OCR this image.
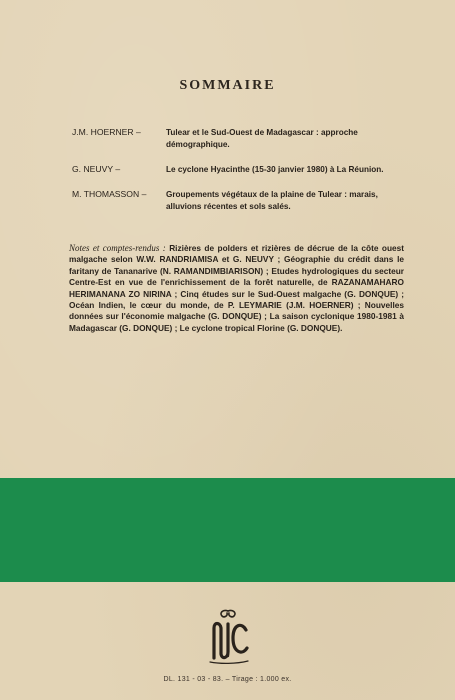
SOMMAIRE
J.M. HOERNER –	Tulear et le Sud-Ouest de Madagascar : approche démographique.
G. NEUVY –	Le cyclone Hyacinthe (15-30 janvier 1980) à La Réunion.
M. THOMASSON –	Groupements végétaux de la plaine de Tulear : marais, alluvions récentes et sols salés.
Notes et comptes-rendus : Rizières de polders et rizières de décrue de la côte ouest malgache selon W.W. RANDRIAMISA et G. NEUVY ; Géographie du crédit dans le faritany de Tananarive (N. RAMANDIMBIARISON) ; Etudes hydrologiques du secteur Centre-Est en vue de l'enrichissement de la forêt naturelle, de RAZANAMAHARO HERIMANANA ZO NIRINA ; Cinq études sur le Sud-Ouest malgache (G. DONQUE) ; Océan Indien, le cœur du monde, de P. LEYMARIE (J.M. HOERNER) ; Nouvelles données sur l'économie malgache (G. DONQUE) ; La saison cyclonique 1980-1981 à Madagascar (G. DONQUE) ; Le cyclone tropical Florine (G. DONQUE).
DL. 131 - 03 - 83. – Tirage : 1.000 ex.
